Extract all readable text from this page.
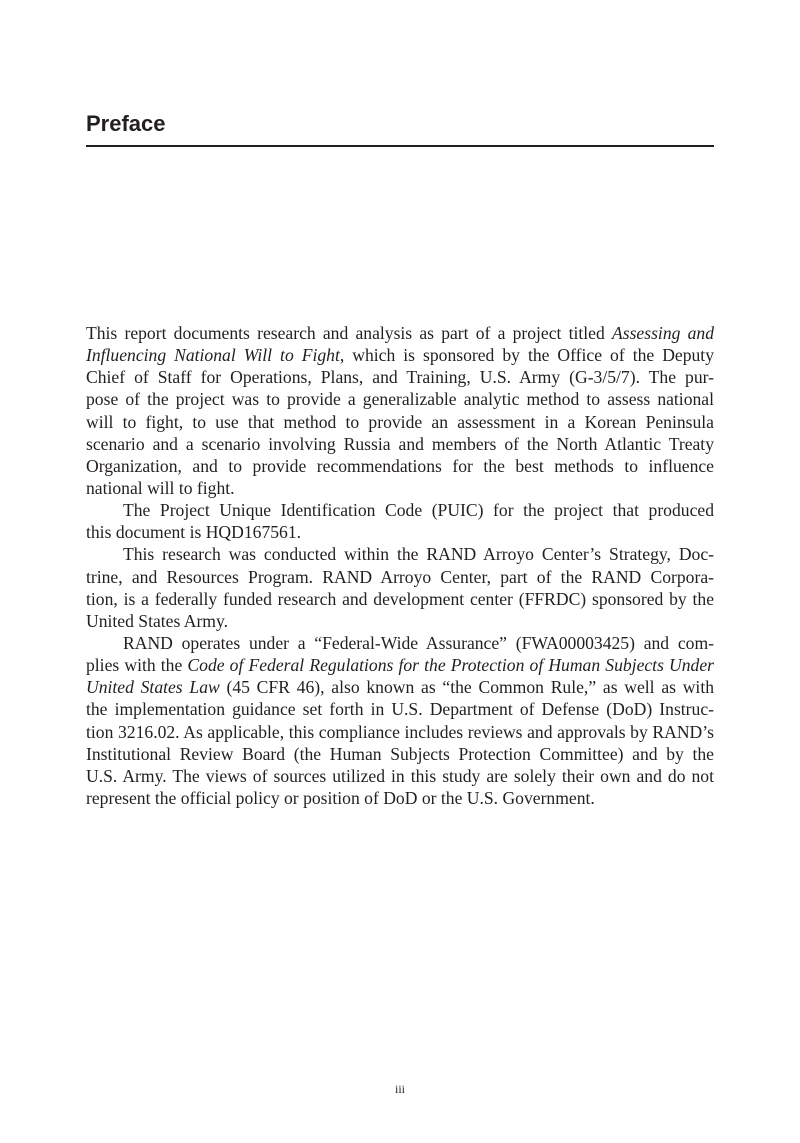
Preface
This report documents research and analysis as part of a project titled Assessing and
Influencing National Will to Fight, which is sponsored by the Office of the Deputy
Chief of Staff for Operations, Plans, and Training, U.S. Army (G-3/5/7). The pur-
pose of the project was to provide a generalizable analytic method to assess national
will to fight, to use that method to provide an assessment in a Korean Peninsula
scenario and a scenario involving Russia and members of the North Atlantic Treaty
Organization, and to provide recommendations for the best methods to influence
national will to fight.
The Project Unique Identification Code (PUIC) for the project that produced
this document is HQD167561.
This research was conducted within the RAND Arroyo Center’s Strategy, Doc-
trine, and Resources Program. RAND Arroyo Center, part of the RAND Corpora-
tion, is a federally funded research and development center (FFRDC) sponsored by the
United States Army.
RAND operates under a “Federal-Wide Assurance” (FWA00003425) and com-
plies with the Code of Federal Regulations for the Protection of Human Subjects Under
United States Law (45 CFR 46), also known as “the Common Rule,” as well as with
the implementation guidance set forth in U.S. Department of Defense (DoD) Instruc-
tion 3216.02. As applicable, this compliance includes reviews and approvals by RAND’s
Institutional Review Board (the Human Subjects Protection Committee) and by the
U.S. Army. The views of sources utilized in this study are solely their own and do not
represent the official policy or position of DoD or the U.S. Government.
iii
